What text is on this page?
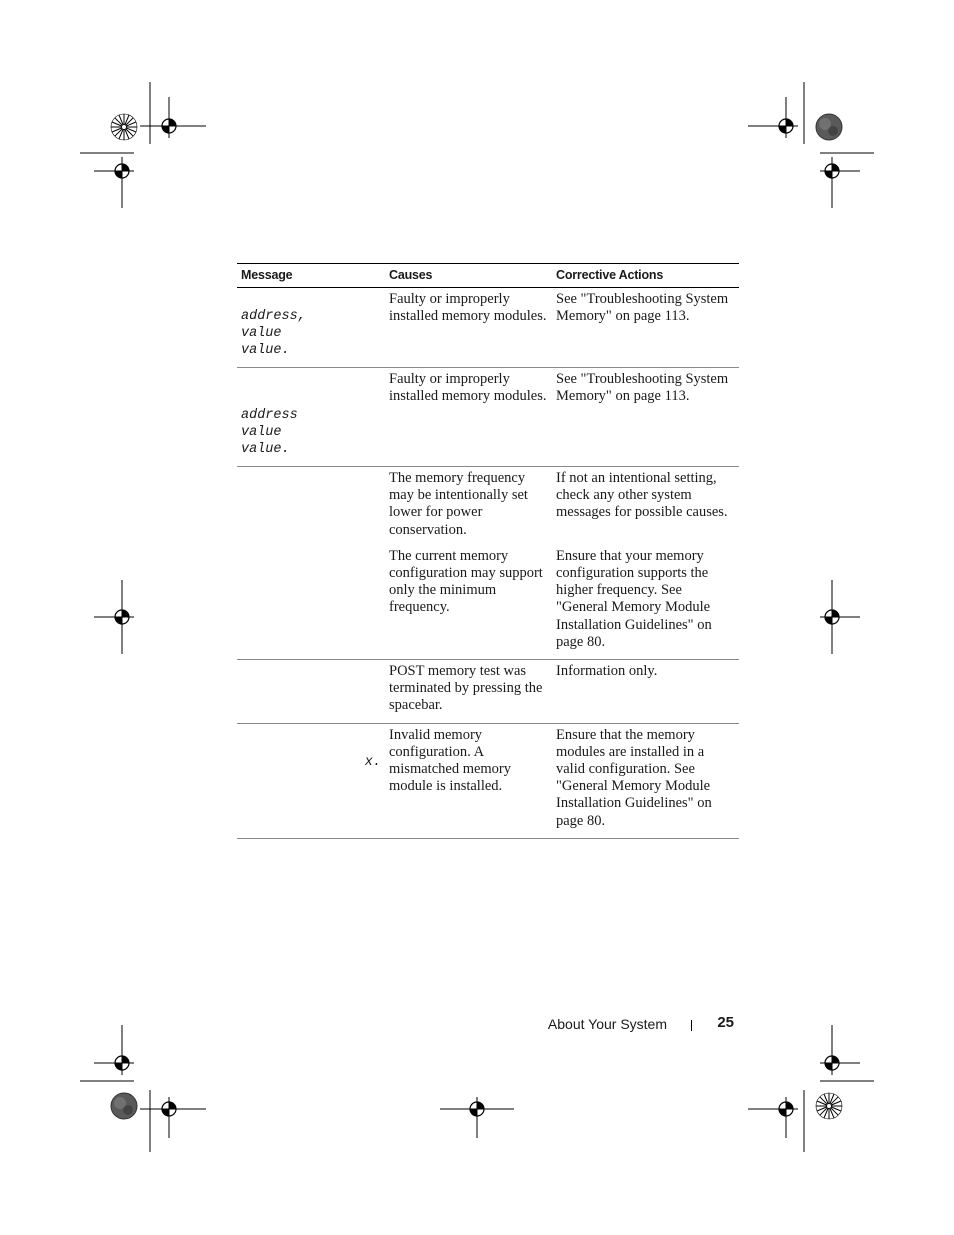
Message	Causes	Corrective Actions

address,
value
value.	Faulty or improperly installed memory modules.	See "Troubleshooting System Memory" on page 113.

address
value
value.	Faulty or improperly installed memory modules.	See "Troubleshooting System Memory" on page 113.
	The memory frequency may be intentionally set lower for power conservation.	If not an intentional setting, check any other system messages for possible causes.
	The current memory configuration may support only the minimum frequency.	Ensure that your memory configuration supports the higher frequency. See "General Memory Module Installation Guidelines" on page 80.
	POST memory test was terminated by pressing the spacebar.	Information only.

x.	Invalid memory configuration. A mismatched memory module is installed.	Ensure that the memory modules are installed in a valid configuration. See "General Memory Module Installation Guidelines" on page 80.
About Your System	25
